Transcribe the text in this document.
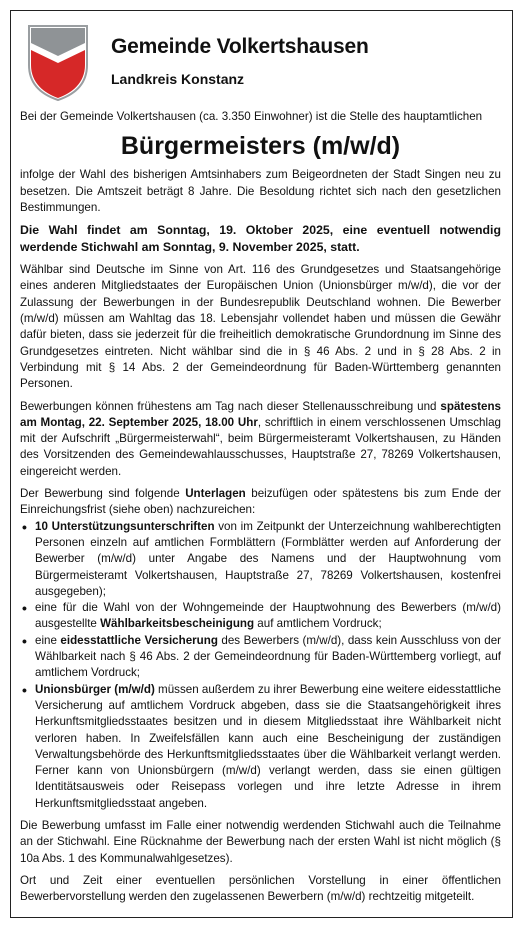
Gemeinde Volkertshausen
Landkreis Konstanz

Bei der Gemeinde Volkertshausen (ca. 3.350 Einwohner) ist die Stelle des hauptamtlichen

Bürgermeisters (m/w/d)

infolge der Wahl des bisherigen Amtsinhabers zum Beigeordneten der Stadt Singen neu zu besetzen. Die Amtszeit beträgt 8 Jahre. Die Besoldung richtet sich nach den gesetzlichen Bestimmungen.

Die Wahl findet am Sonntag, 19. Oktober 2025, eine eventuell notwendig werdende Stichwahl am Sonntag, 9. November 2025, statt.

Wählbar sind Deutsche im Sinne von Art. 116 des Grundgesetzes und Staatsangehörige eines anderen Mitgliedstaates der Europäischen Union (Unionsbürger m/w/d), die vor der Zulassung der Bewerbungen in der Bundesrepublik Deutschland wohnen. Die Bewerber (m/w/d) müssen am Wahltag das 18. Lebensjahr vollendet haben und müssen die Gewähr dafür bieten, dass sie jederzeit für die freiheitlich demokratische Grundordnung im Sinne des Grundgesetzes eintreten. Nicht wählbar sind die in § 46 Abs. 2 und in § 28 Abs. 2 in Verbindung mit § 14 Abs. 2 der Gemeindeordnung für Baden-Württemberg genannten Personen.

Bewerbungen können frühestens am Tag nach dieser Stellenausschreibung und spätestens am Montag, 22. September 2025, 18.00 Uhr, schriftlich in einem verschlossenen Umschlag mit der Aufschrift „Bürgermeisterwahl“, beim Bürgermeisteramt Volkertshausen, zu Händen des Vorsitzenden des Gemeindewahlausschusses, Hauptstraße 27, 78269 Volkertshausen, eingereicht werden.

Der Bewerbung sind folgende Unterlagen beizufügen oder spätestens bis zum Ende der Einreichungsfrist (siehe oben) nachzureichen:

• 10 Unterstützungsunterschriften von im Zeitpunkt der Unterzeichnung wahlberechtigten Personen einzeln auf amtlichen Formblättern (Formblätter werden auf Anforderung der Bewerber (m/w/d) unter Angabe des Namens und der Hauptwohnung vom Bürgermeisteramt Volkertshausen, Hauptstraße 27, 78269 Volkertshausen, kostenfrei ausgegeben);
• eine für die Wahl von der Wohngemeinde der Hauptwohnung des Bewerbers (m/w/d) ausgestellte Wählbarkeitsbescheinigung auf amtlichem Vordruck;
• eine eidesstattliche Versicherung des Bewerbers (m/w/d), dass kein Ausschluss von der Wählbarkeit nach § 46 Abs. 2 der Gemeindeordnung für Baden-Württemberg vorliegt, auf amtlichem Vordruck;
• Unionsbürger (m/w/d) müssen außerdem zu ihrer Bewerbung eine weitere eidesstattliche Versicherung auf amtlichem Vordruck abgeben, dass sie die Staatsangehörigkeit ihres Herkunftsmitgliedsstaates besitzen und in diesem Mitgliedsstaat ihre Wählbarkeit nicht verloren haben. In Zweifelsfällen kann auch eine Bescheinigung der zuständigen Verwaltungsbehörde des Herkunftsmitgliedsstaates über die Wählbarkeit verlangt werden. Ferner kann von Unionsbürgern (m/w/d) verlangt werden, dass sie einen gültigen Identitätsausweis oder Reisepass vorlegen und ihre letzte Adresse in ihrem Herkunftsmitgliedsstaat angeben.

Die Bewerbung umfasst im Falle einer notwendig werdenden Stichwahl auch die Teilnahme an der Stichwahl. Eine Rücknahme der Bewerbung nach der ersten Wahl ist nicht möglich (§ 10a Abs. 1 des Kommunalwahlgesetzes).

Ort und Zeit einer eventuellen persönlichen Vorstellung in einer öffentlichen Bewerbervorstellung werden den zugelassenen Bewerbern (m/w/d) rechtzeitig mitgeteilt.
